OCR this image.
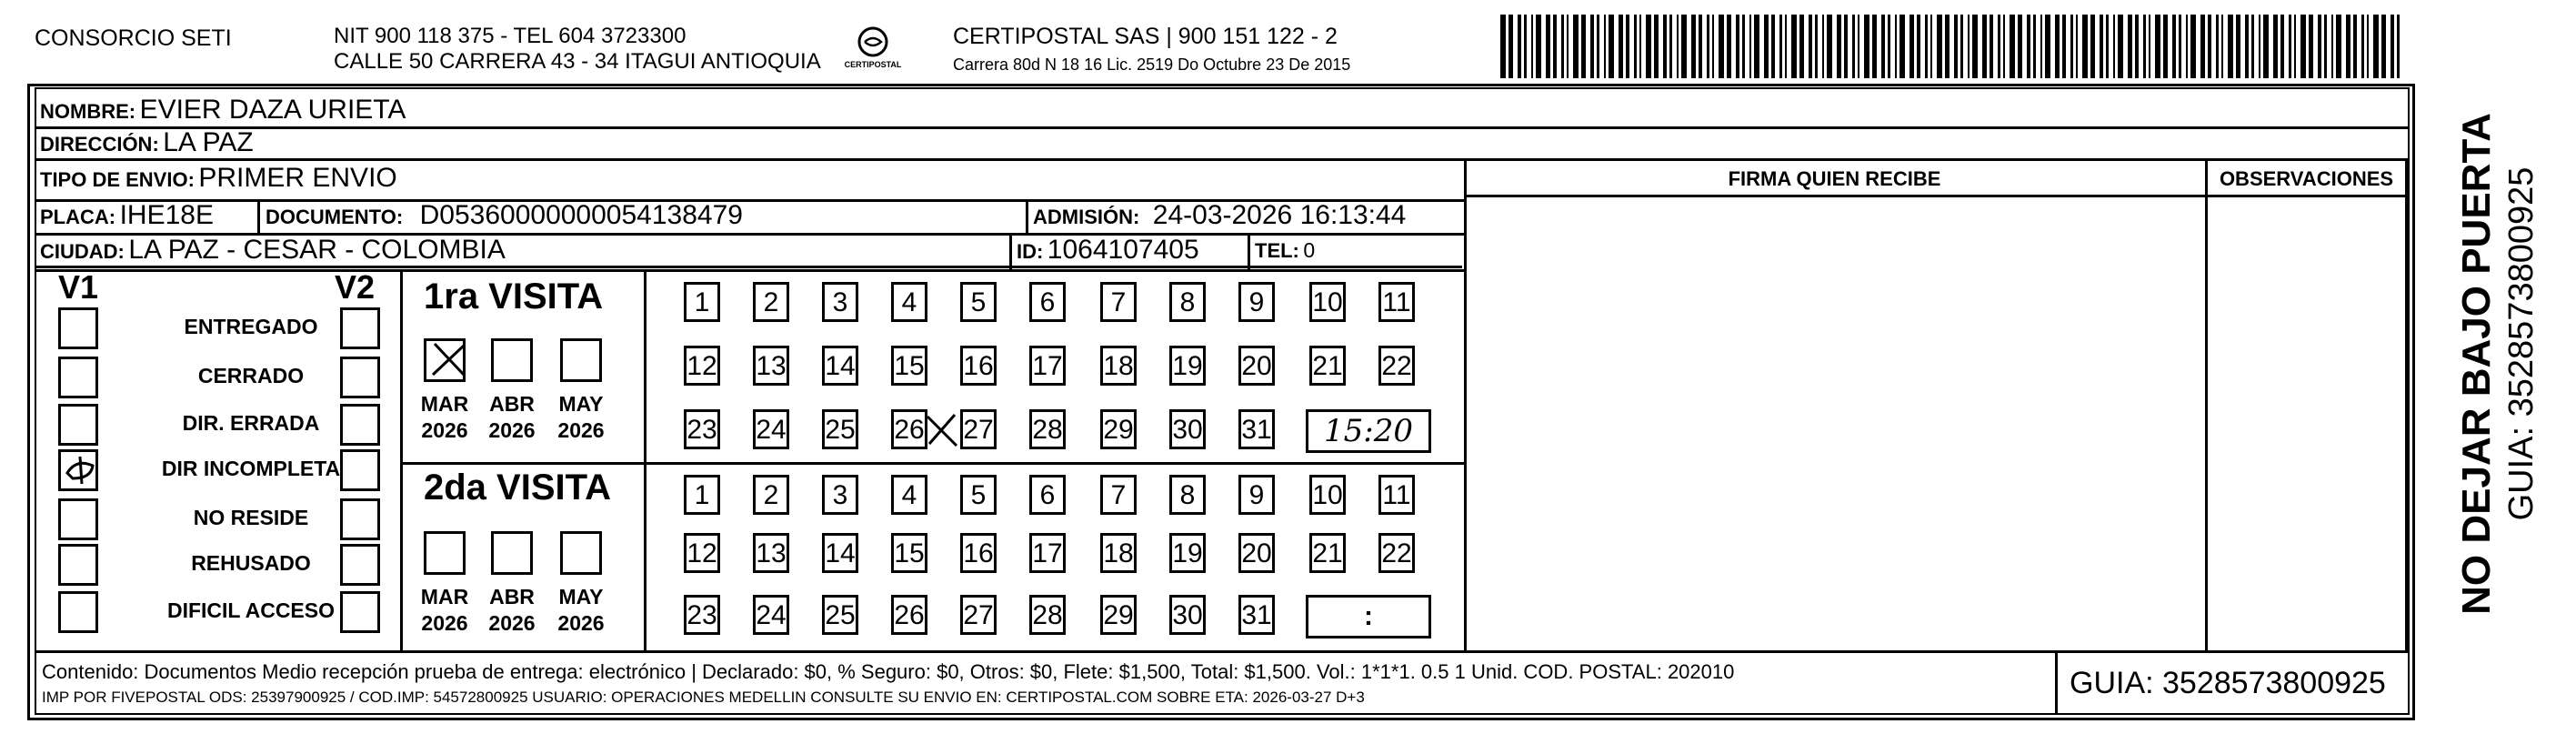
CONSORCIO SETI	NIT 900 118 375 - TEL 604 3723300
CALLE 50 CARRERA 43 - 34 ITAGUI ANTIOQUIA	CERTIPOSTAL
CERTIPOSTAL SAS | 900 151 122 - 2
Carrera 80d N 18 16 Lic. 2519 Do Octubre 23 De 2015
NOMBRE: EVIER DAZA URIETA
DIRECCIÓN: LA PAZ
TIPO DE ENVIO: PRIMER ENVIO
PLACA: IHE18E	DOCUMENTO: D05360000000054138479	ADMISIÓN: 24-03-2026 16:13:44
CIUDAD: LA PAZ - CESAR - COLOMBIA	ID: 1064107405	TEL: 0
FIRMA QUIEN RECIBE	OBSERVACIONES
V1	V2
ENTREGADO
CERRADO
DIR. ERRADA
DIR INCOMPLETA
NO RESIDE
REHUSADO
DIFICIL ACCESO
1ra VISITA
MAR
2026
ABR
2026
MAY
2026
1	2	3	4	5	6	7	8	9	10 11
12 13 14 15 16 17 18 19 20 21 22
23 24 25 26 27 28 29 30 31	15:20
2da VISITA
MAR
2026
ABR
2026
MAY
2026
1	2	3	4	5	6	7	8	9	10 11
12 13 14 15 16 17 18 19 20 21 22
23 24 25 26 27 28 29 30 31	:
Contenido: Documentos Medio recepción prueba de entrega: electrónico | Declarado: $0, % Seguro: $0, Otros: $0, Flete: $1,500, Total: $1,500. Vol.: 1*1*1. 0.5 1 Unid. COD. POSTAL: 202010
IMP POR FIVEPOSTAL ODS: 25397900925 / COD.IMP: 54572800925 USUARIO: OPERACIONES MEDELLIN CONSULTE SU ENVIO EN: CERTIPOSTAL.COM SOBRE ETA: 2026-03-27 D+3	GUIA: 3528573800925
NO DEJAR BAJO PUERTA GUIA: 3528573800925
